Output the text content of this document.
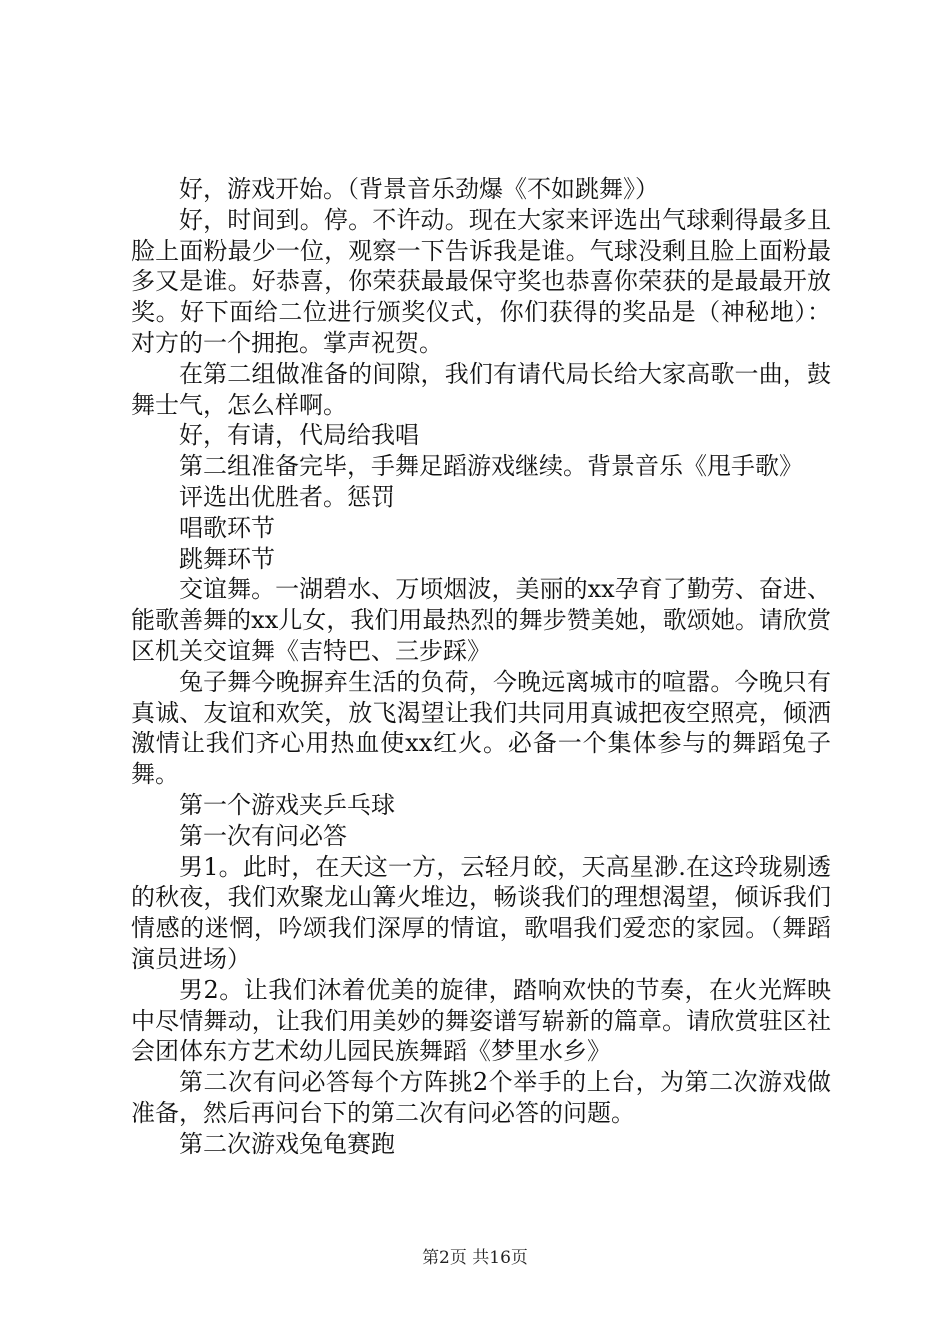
好，游戏开始。（背景音乐劲爆《不如跳舞》）

好，时间到。停。不许动。现在大家来评选出气球剩得最多且脸上面粉最少一位，观察一下告诉我是谁。气球没剩且脸上面粉最多又是谁。好恭喜，你荣获最最保守奖也恭喜你荣获的是最最开放奖。好下面给二位进行颁奖仪式，你们获得的奖品是（神秘地）：对方的一个拥抱。掌声祝贺。

在第二组做准备的间隙，我们有请代局长给大家高歌一曲，鼓舞士气，怎么样啊。

好，有请，代局给我唱

第二组准备完毕，手舞足蹈游戏继续。背景音乐《甩手歌》

评选出优胜者。惩罚

唱歌环节

跳舞环节

交谊舞。一湖碧水、万顷烟波，美丽的xx孕育了勤劳、奋进、能歌善舞的xx儿女，我们用最热烈的舞步赞美她，歌颂她。请欣赏区机关交谊舞《吉特巴、三步踩》

兔子舞今晚摒弃生活的负荷，今晚远离城市的喧嚣。今晚只有真诚、友谊和欢笑，放飞渴望让我们共同用真诚把夜空照亮，倾洒激情让我们齐心用热血使xx红火。必备一个集体参与的舞蹈兔子舞。

第一个游戏夹乒乓球

第一次有问必答

男1。此时，在天这一方，云轻月皎，天高星渺.在这玲珑剔透的秋夜，我们欢聚龙山篝火堆边，畅谈我们的理想渴望，倾诉我们情感的迷惘，吟颂我们深厚的情谊，歌唱我们爱恋的家园。（舞蹈演员进场）

男2。让我们沐着优美的旋律，踏响欢快的节奏，在火光辉映中尽情舞动，让我们用美妙的舞姿谱写崭新的篇章。请欣赏驻区社会团体东方艺术幼儿园民族舞蹈《梦里水乡》

第二次有问必答每个方阵挑2个举手的上台，为第二次游戏做准备，然后再问台下的第二次有问必答的问题。

第二次游戏兔龟赛跑

第2页 共16页
